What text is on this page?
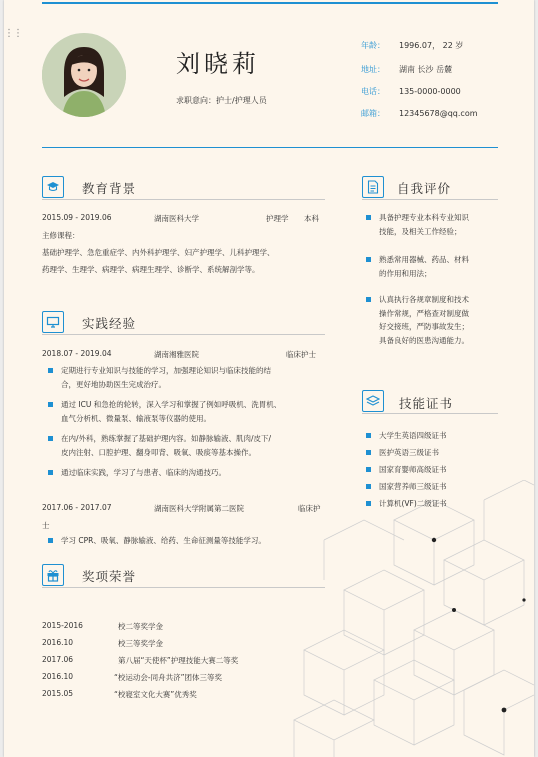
⋮⋮
刘晓莉
求职意向：护士/护理人员
年龄： 1996.07， 22 岁
地址： 湖南 长沙 岳麓
电话： 135-0000-0000
邮箱： 12345678@qq.com
教育背景
2015.09 - 2019.06	湖南医科大学	护理学 本科
主修课程：
基础护理学、急危重症学、内外科护理学、妇产护理学、儿科护理学、
药理学、生理学、病理学、病理生理学、诊断学、系统解剖学等。
实践经验
2018.07 - 2019.04	湖南湘雅医院	临床护士
定期进行专业知识与技能的学习，加强理论知识与临床技能的结
合，更好地协助医生完成治疗。
通过 ICU 和急抢的轮转，深入学习和掌握了例如呼吸机、洗胃机、
血气分析机、微量泵、输液泵等仪器的使用。
在内/外科，熟练掌握了基础护理内容。如静脉输液、肌肉/皮下/
皮内注射、口腔护理、翻身叩背、吸氧、吸痰等基本操作。
通过临床实践，学习了与患者、临床的沟通技巧。
2017.06 - 2017.07	湖南医科大学附属第二医院	临床护
士
学习 CPR、吸氧、静脉输液、给药、生命征测量等技能学习。
奖项荣誉
2015-2016	校二等奖学金
2016.10	校三等奖学金
2017.06	第八届“天使杯”护理技能大赛二等奖
2016.10	“校运动会-同舟共济”团体三等奖
2015.05	“校寝室文化大赛”优秀奖
自我评价
具备护理专业本科专业知识
技能，及相关工作经验；
熟悉常用器械、药品、材料
的作用和用法；
认真执行各规章制度和技术
操作常规，严格查对制度做
好交接班，严防事故发生；
具备良好的医患沟通能力。
技能证书
大学生英语四级证书
医护英语三级证书
国家育婴师高级证书
国家营养师三级证书
计算机(VF)二级证书
